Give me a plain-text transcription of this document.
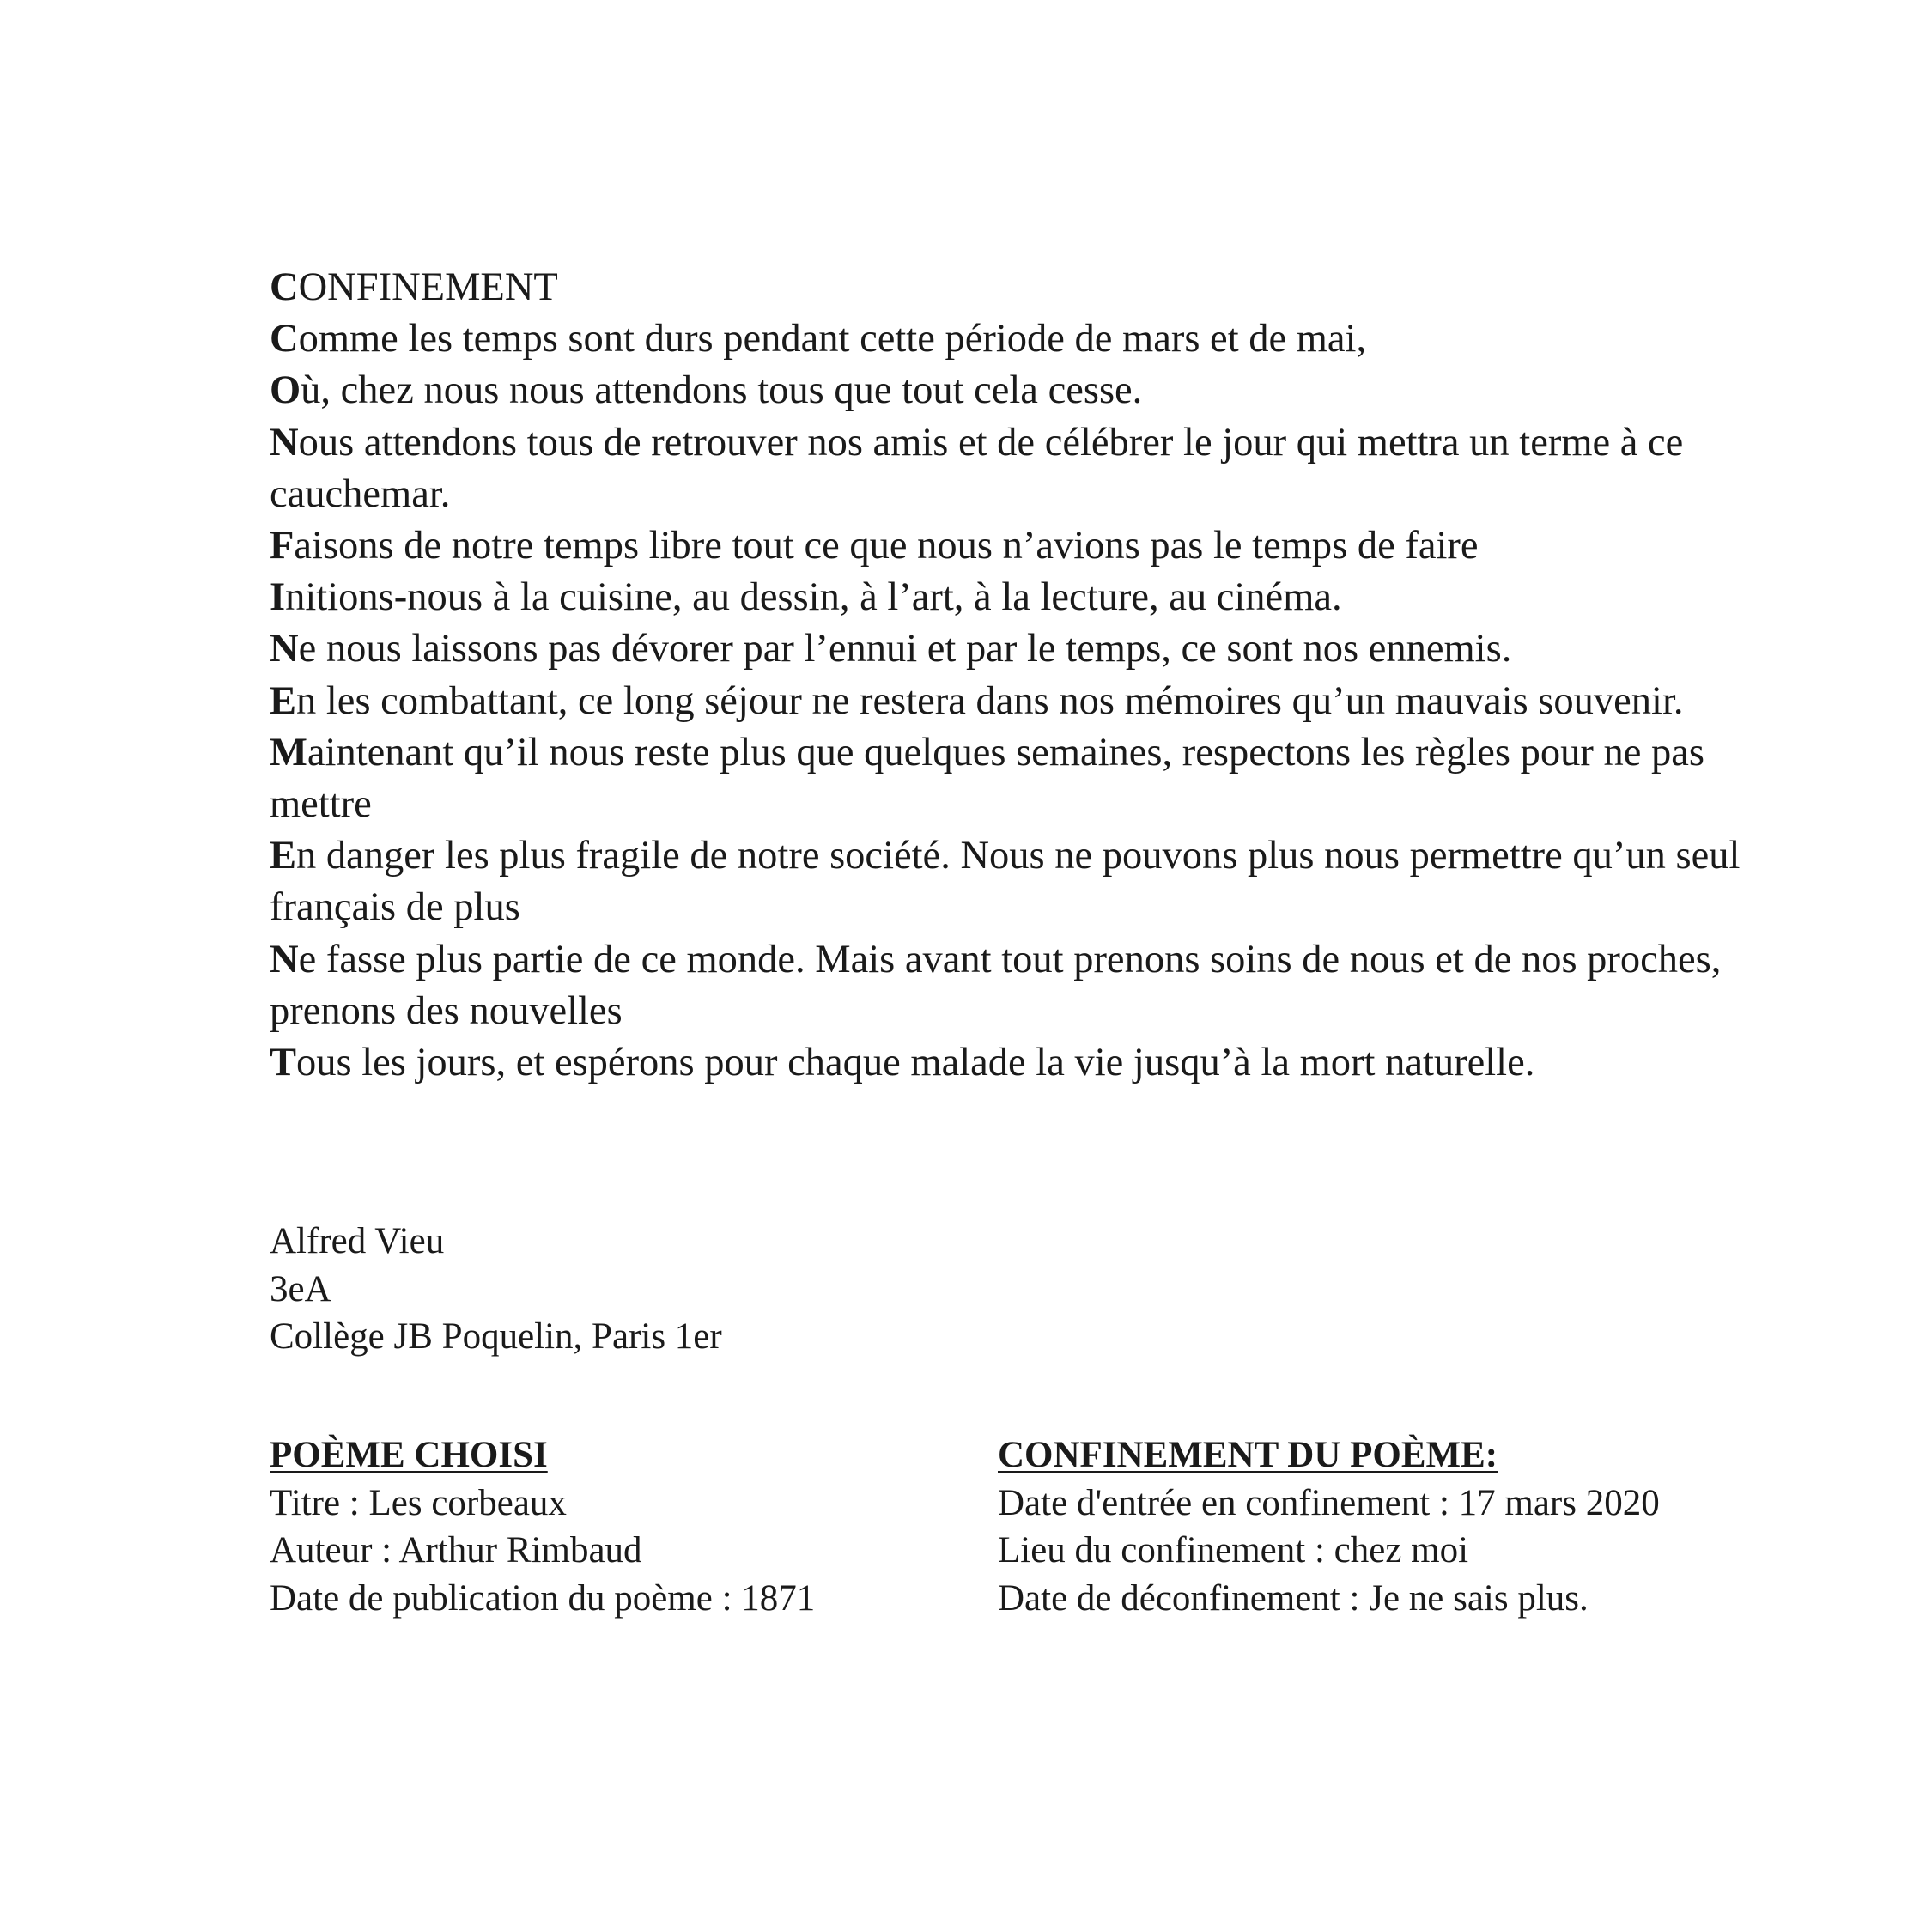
CONFINEMENT
Comme les temps sont durs pendant cette période de mars et de mai,
Où, chez nous nous attendons tous que tout cela cesse.
Nous attendons tous de retrouver nos amis et de célébrer le jour qui mettra un terme à ce cauchemar.
Faisons de notre temps libre tout ce que nous n’avions pas le temps de faire
Initions-nous à la cuisine, au dessin, à l’art, à la lecture, au cinéma.
Ne nous laissons pas dévorer par l’ennui et par le temps, ce sont nos ennemis.
En les combattant, ce long séjour ne restera dans nos mémoires qu’un mauvais souvenir.
Maintenant qu’il nous reste plus que quelques semaines, respectons les règles pour ne pas mettre
En danger les plus fragile de notre société. Nous ne pouvons plus nous permettre qu’un seul français de plus
Ne fasse plus partie de ce monde. Mais avant tout prenons soins de nous et de nos proches, prenons des nouvelles
Tous les jours, et espérons pour chaque malade la vie jusqu’à la mort naturelle.
Alfred Vieu
3eA
Collège JB Poquelin, Paris 1er
POÈME CHOISI
Titre : Les corbeaux
Auteur : Arthur Rimbaud
Date de publication du poème : 1871
CONFINEMENT DU POÈME:
Date d'entrée en confinement : 17 mars 2020
Lieu du confinement : chez moi
Date de déconfinement : Je ne sais plus.
